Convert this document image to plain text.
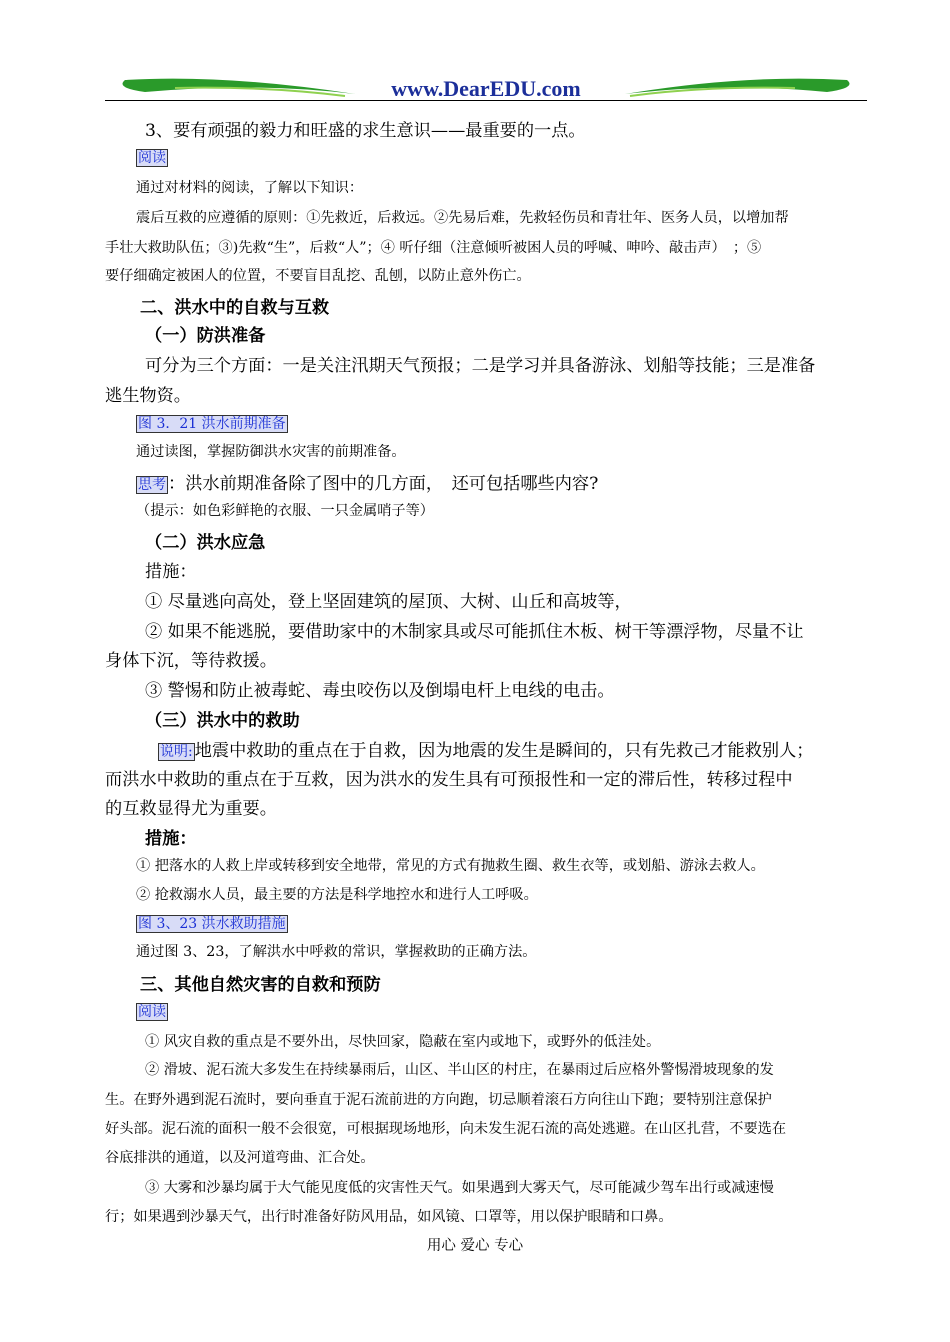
www.DearEDU.com
3、要有顽强的毅力和旺盛的求生意识——最重要的一点。
阅读
通过对材料的阅读，了解以下知识：
震后互救的应遵循的原则：①先救近，后救远。②先易后难，先救轻伤员和青壮年、医务人员，以增加帮
手壮大救助队伍；③)先救“生”，后救“人”；④ 听仔细（注意倾听被困人员的呼喊、呻吟、敲击声）　；⑤
要仔细确定被困人的位置，不要盲目乱挖、乱刨，以防止意外伤亡。
二、洪水中的自救与互救
（一）防洪准备
可分为三个方面：一是关注汛期天气预报；二是学习并具备游泳、划船等技能；三是准备
逃生物资。
图 3．21 洪水前期准备
通过读图，掌握防御洪水灾害的前期准备。
思考 ：洪水前期准备除了图中的几方面，　还可包括哪些内容?
（提示：如色彩鲜艳的衣服、一只金属哨子等）
（二）洪水应急
措施：
① 尽量逃向高处，登上坚固建筑的屋顶、大树、山丘和高坡等，
② 如果不能逃脱，要借助家中的木制家具或尽可能抓住木板、树干等漂浮物，尽量不让
身体下沉，等待救援。
③ 警惕和防止被毒蛇、毒虫咬伤以及倒塌电杆上电线的电击。
（三）洪水中的救助
说明: 地震中救助的重点在于自救，因为地震的发生是瞬间的，只有先救己才能救别人；
而洪水中救助的重点在于互救，因为洪水的发生具有可预报性和一定的滞后性，转移过程中
的互救显得尤为重要。
措施：
① 把落水的人救上岸或转移到安全地带，常见的方式有抛救生圈、救生衣等，或划船、游泳去救人。
② 抢救溺水人员，最主要的方法是科学地控水和进行人工呼吸。
图 3、23 洪水救助措施
通过图 3、23，了解洪水中呼救的常识，掌握救助的正确方法。
三、其他自然灾害的自救和预防
阅读
① 风灾自救的重点是不要外出，尽快回家，隐蔽在室内或地下，或野外的低洼处。
② 滑坡、泥石流大多发生在持续暴雨后，山区、半山区的村庄，在暴雨过后应格外警惕滑坡现象的发
生。在野外遇到泥石流时，要向垂直于泥石流前进的方向跑，切忌顺着滚石方向往山下跑；要特别注意保护
好头部。泥石流的面积一般不会很宽，可根据现场地形，向未发生泥石流的高处逃避。在山区扎营，不要选在
谷底排洪的通道，以及河道弯曲、汇合处。
③ 大雾和沙暴均属于大气能见度低的灾害性天气。如果遇到大雾天气，尽可能减少驾车出行或减速慢
行；如果遇到沙暴天气，出行时准备好防风用品，如风镜、口罩等，用以保护眼睛和口鼻。
用心 爱心 专心
